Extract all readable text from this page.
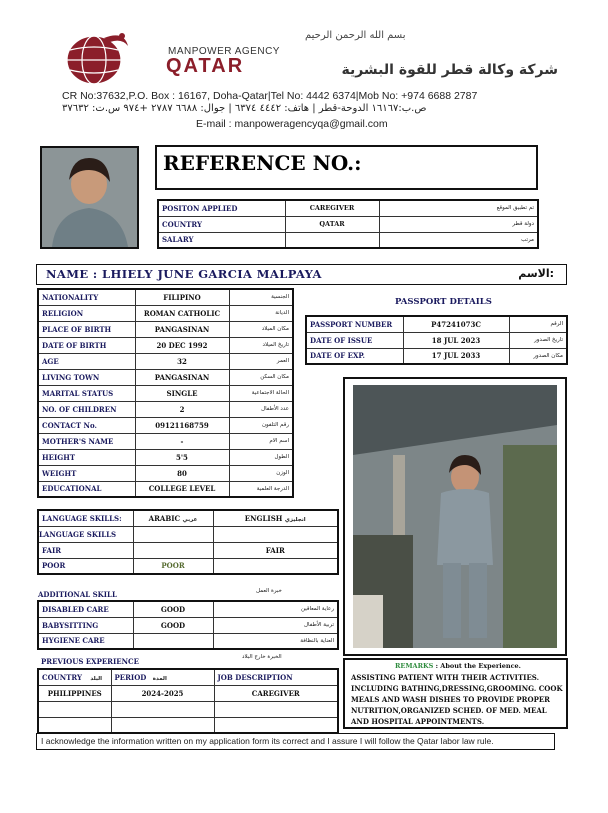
بسم الله الرحمن الرحيم
MANPOWER AGENCY
QATAR	شركة وكالة قطر للقوة البشرية
CR No:37632,P.O. Box : 16167, Doha-Qatar|Tel No: 4442 6374|Mob No: +974 6688 2787
ص.ب:١٦١٦٧ الدوحة-قطر | هاتف: ٤٤٤٢ ٦٣٧٤ | جوال: ٦٦٨٨ ٢٧٨٧ +٩٧٤ س.ت: ٣٧٦٣٢
E-mail : manpoweragencyqa@gmail.com
REFERENCE NO.:
POSITON APPLIED	CAREGIVER	تم تطبيق الموقع
COUNTRY	QATAR	دولة قطر
SALARY		مرتب
NAME : LHIELY JUNE GARCIA MALPAYA	الاسم:
NATIONALITY	FILIPINO	الجنسية
RELIGION	ROMAN CATHOLIC	الديانة
PLACE OF BIRTH	PANGASINAN	مكان الميلاد
DATE OF BIRTH	20 DEC 1992	تاريخ الميلاد
AGE	32	العمر
LIVING TOWN	PANGASINAN	مكان السكن
MARITAL STATUS	SINGLE	الحالة الاجتماعية
NO. OF CHILDREN	2	عدد الأطفال
CONTACT No.	09121168759	رقم التلفون
MOTHER'S NAME	-	اسم الام
HEIGHT	5'5	الطول
WEIGHT	80	الوزن
EDUCATIONAL	COLLEGE LEVEL	الدرجة العلمية
PASSPORT DETAILS
PASSPORT NUMBER	P47241073C	الرقم
DATE OF ISSUE	18 JUL 2023	تاريخ الصدور
DATE OF EXP.	17 JUL 2033	مكان الصدور
LANGUAGE SKILLS:	ARABIC عربي	ENGLISH انجليزي
LANGUAGE SKILLS		
FAIR		FAIR
POOR	POOR	
ADDITIONAL SKILL	خبرة العمل
DISABLED CARE	GOOD	رعاية المعاقين
BABYSITTING	GOOD	تربية الأطفال
HYGIENE CARE		العناية بالنظافة
PREVIOUS EXPERIENCE	الخبرة خارج البلاد
COUNTRY البلد	PERIOD المدة	JOB DESCRIPTION
PHILIPPINES	2024-2025	CAREGIVER

REMARKS : About the Experience.
ASSISTING PATIENT WITH THEIR ACTIVITIES. INCLUDING BATHING,DRESSING,GROOMING. COOK MEALS AND WASH DISHES TO PROVIDE PROPER NUTRITION,ORGANIZED SCHED. OF MED. MEAL AND HOSPITAL APPOINTMENTS.
I acknowledge the information written on my application form its correct and I assure I will follow the Qatar labor law rule.
